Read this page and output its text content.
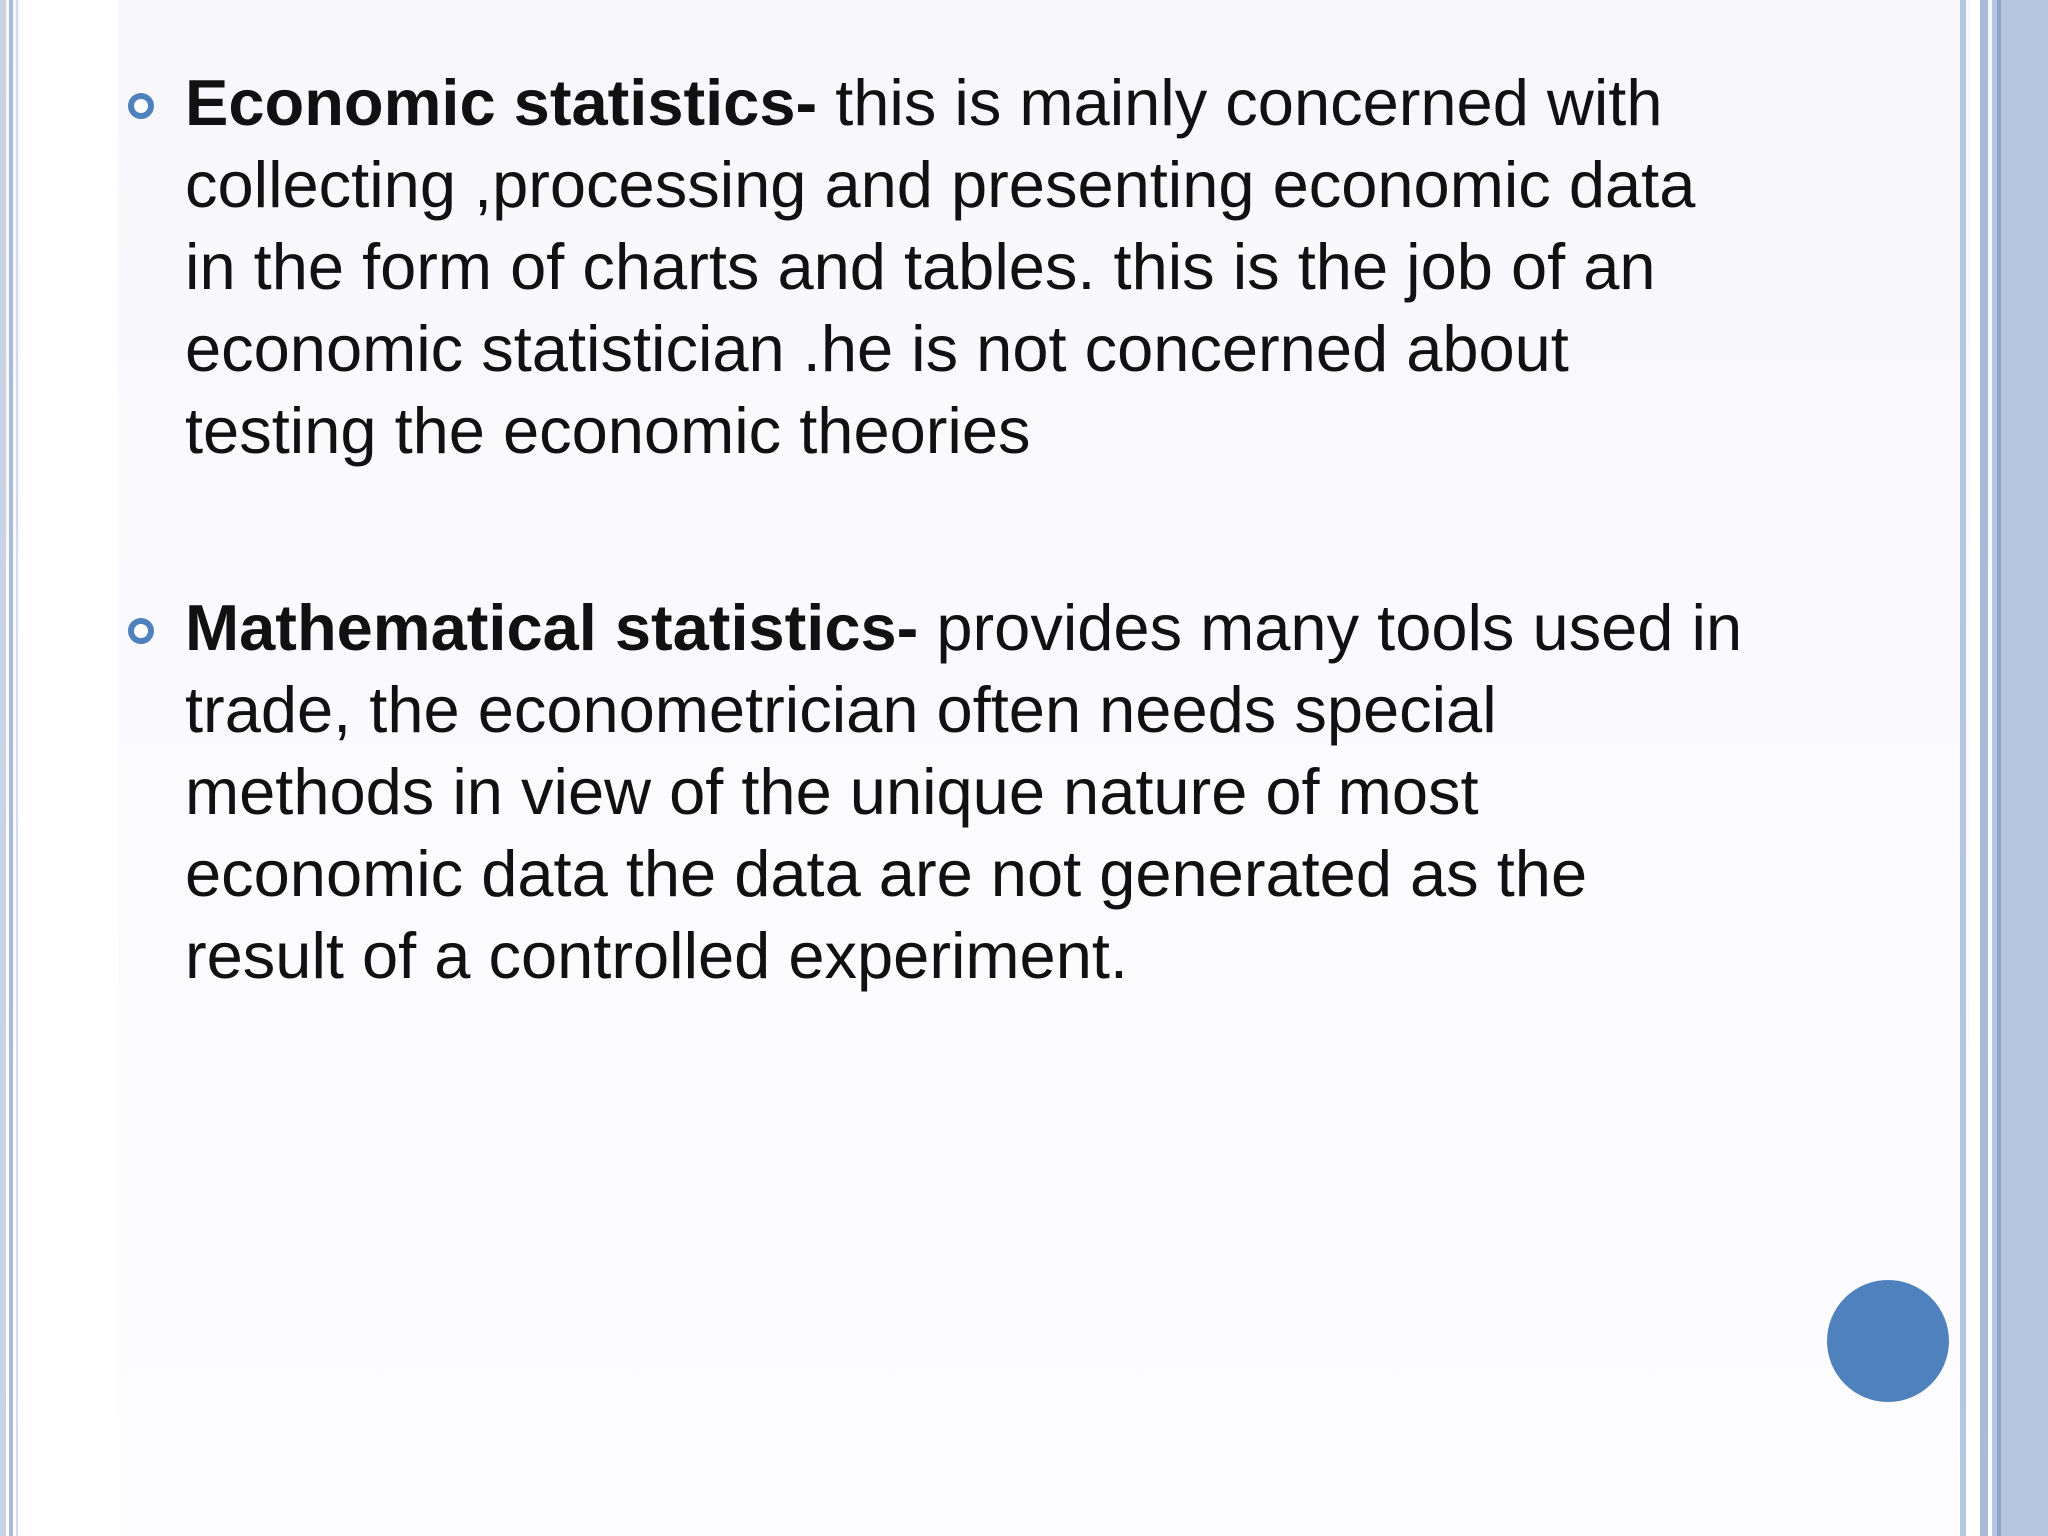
Economic statistics- this is mainly concerned with collecting ,processing and presenting economic data in the form of charts and tables. this is the job of an economic statistician .he is not concerned about testing the economic theories
Mathematical statistics- provides many tools used in trade, the econometrician often needs special methods in view of the unique nature of most economic data the data are not generated as the result of a controlled experiment.
